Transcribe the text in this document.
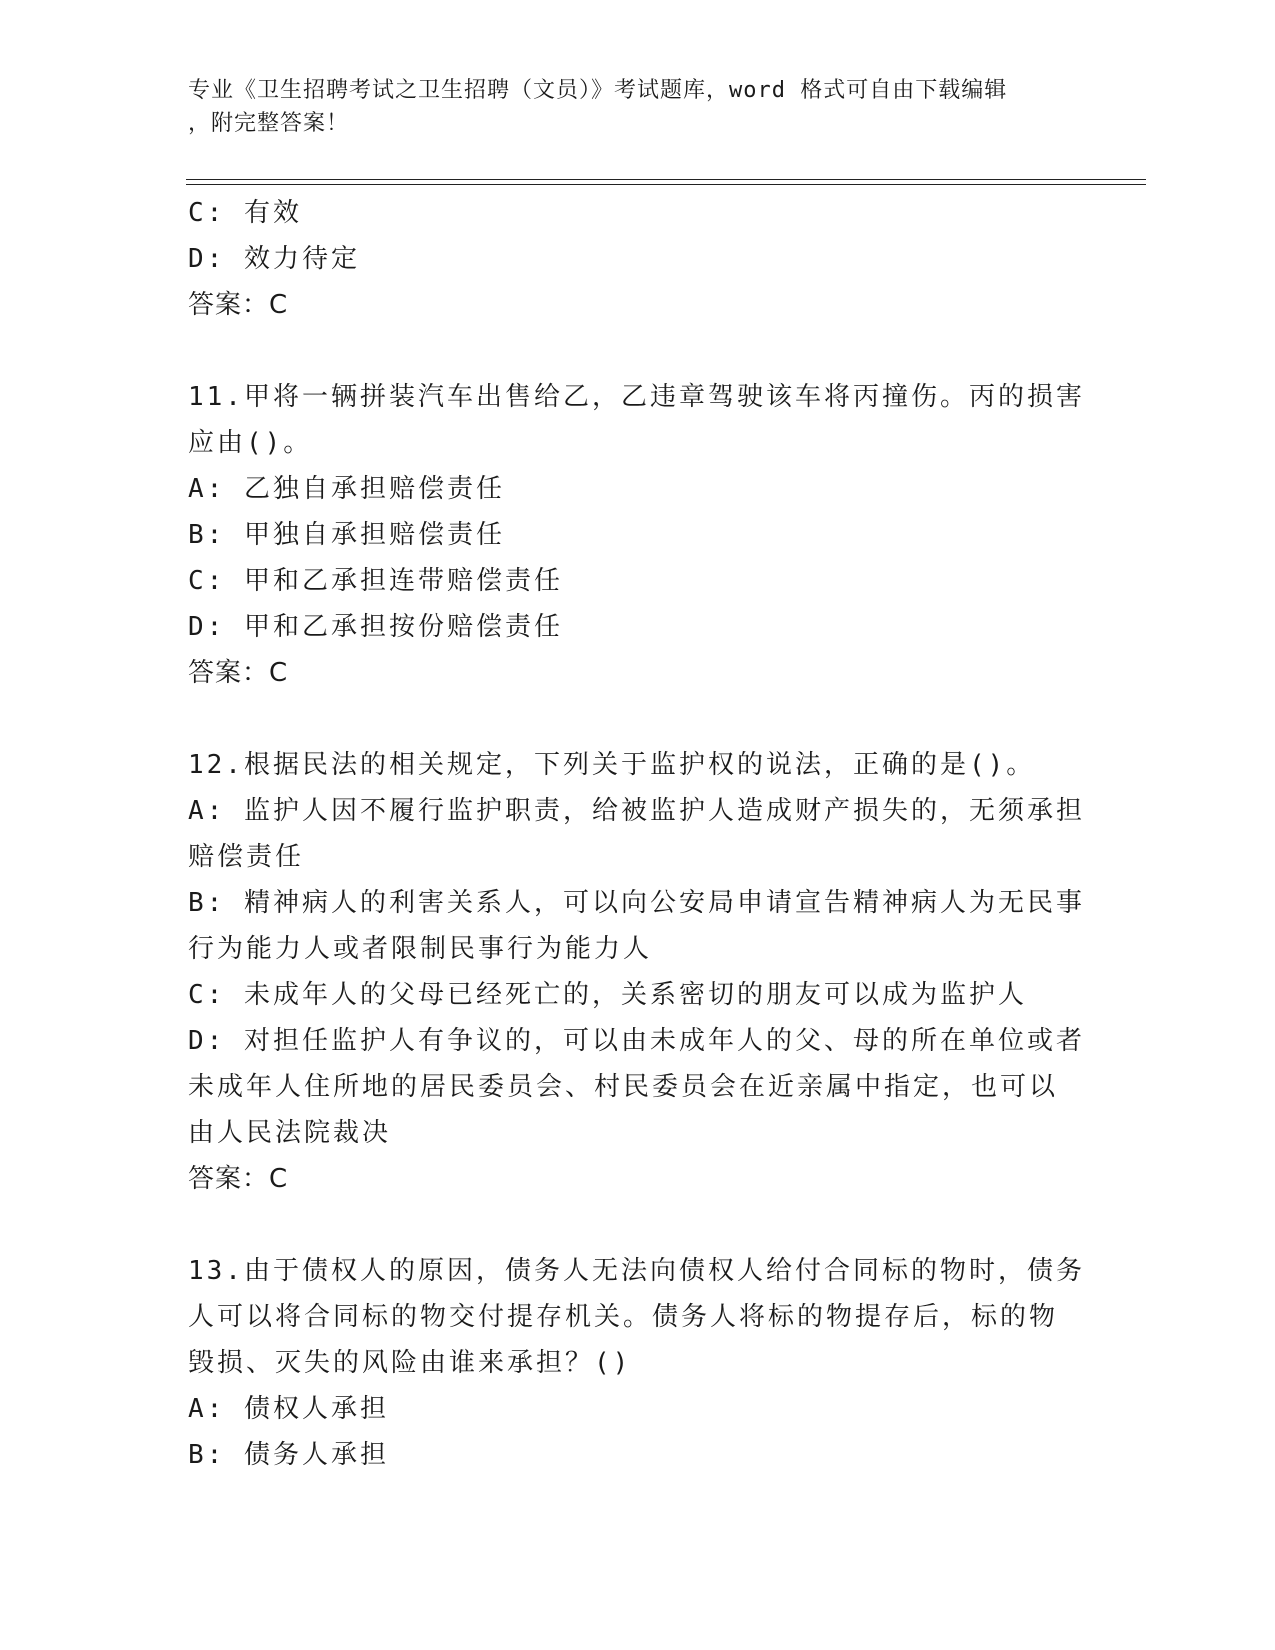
专业《卫生招聘考试之卫生招聘（文员）》考试题库，word 格式可自由下载编辑
，附完整答案！
C: 有效
D: 效力待定
答案：C
11.甲将一辆拼装汽车出售给乙，乙违章驾驶该车将丙撞伤。丙的损害
应由()。
A: 乙独自承担赔偿责任
B: 甲独自承担赔偿责任
C: 甲和乙承担连带赔偿责任
D: 甲和乙承担按份赔偿责任
答案：C
12.根据民法的相关规定，下列关于监护权的说法，正确的是()。
A: 监护人因不履行监护职责，给被监护人造成财产损失的，无须承担
赔偿责任
B: 精神病人的利害关系人，可以向公安局申请宣告精神病人为无民事
行为能力人或者限制民事行为能力人
C: 未成年人的父母已经死亡的，关系密切的朋友可以成为监护人
D: 对担任监护人有争议的，可以由未成年人的父、母的所在单位或者
未成年人住所地的居民委员会、村民委员会在近亲属中指定，也可以
由人民法院裁决
答案：C
13.由于债权人的原因，债务人无法向债权人给付合同标的物时，债务
人可以将合同标的物交付提存机关。债务人将标的物提存后，标的物
毁损、灭失的风险由谁来承担？()
A: 债权人承担
B: 债务人承担
